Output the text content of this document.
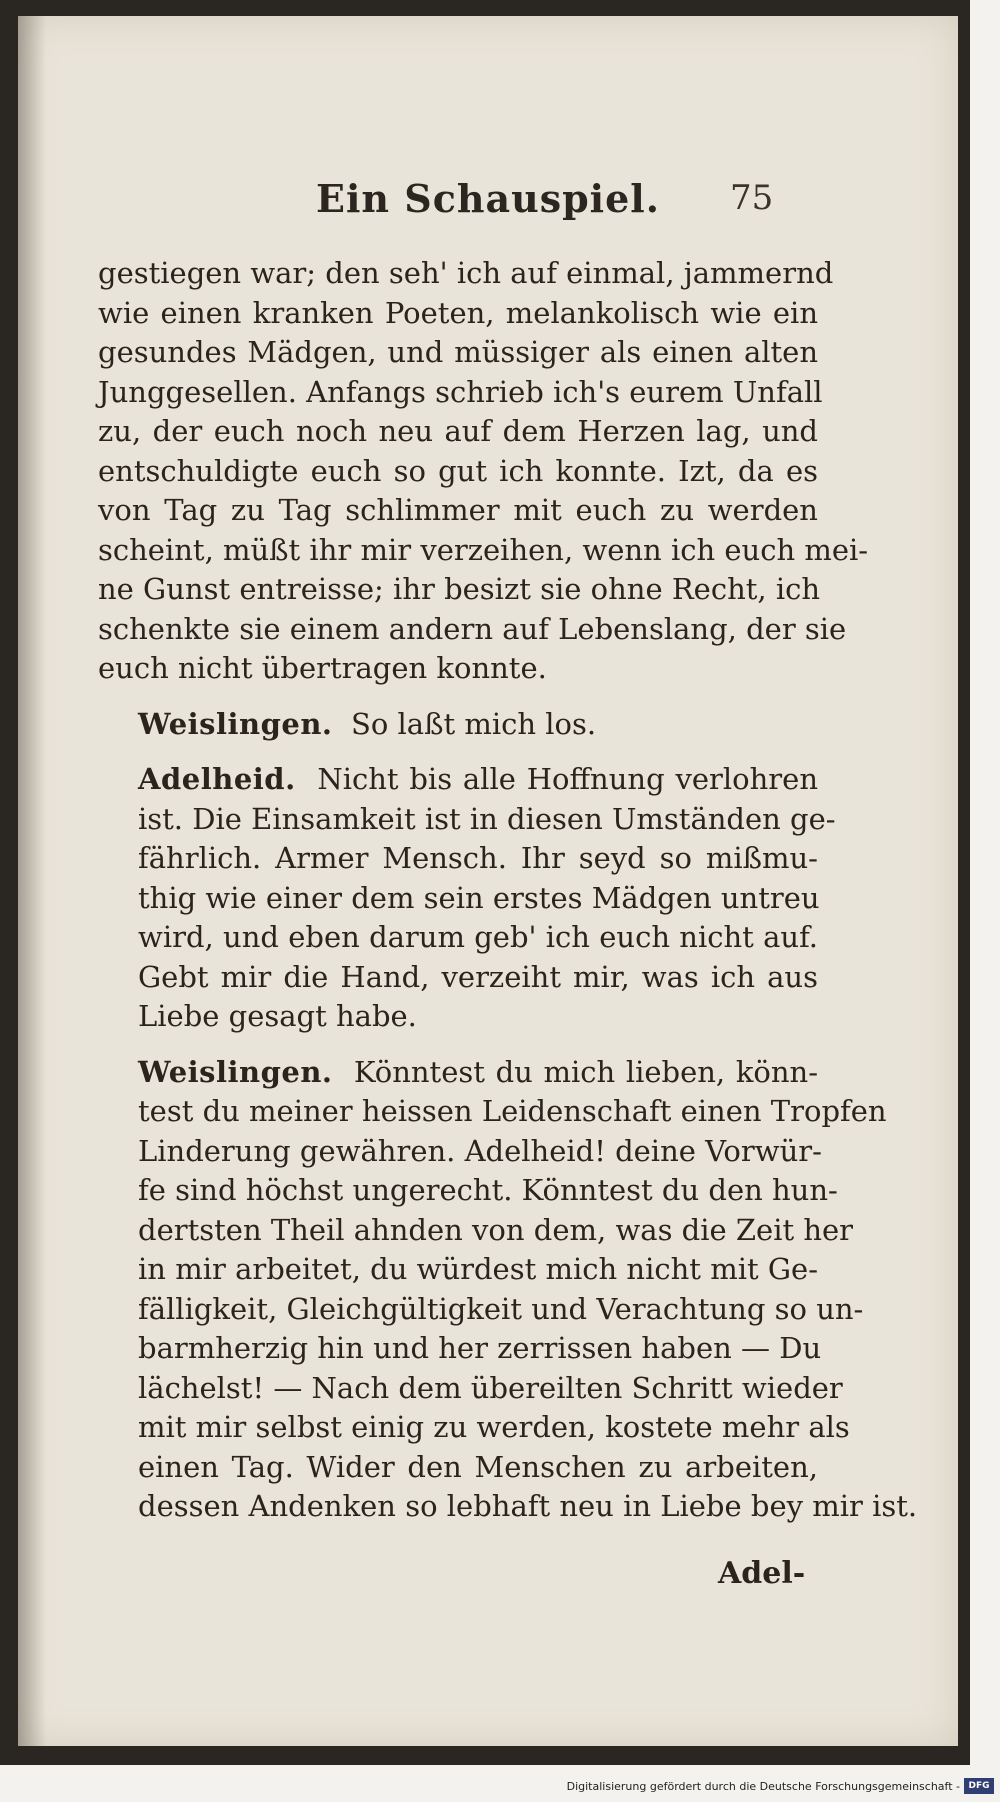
Ein Schauspiel. 75

gestiegen war; den seh' ich auf einmal, jammernd
wie einen kranken Poeten, melankolisch wie ein
gesundes Mädgen, und müssiger als einen alten
Junggesellen. Anfangs schrieb ich's eurem Unfall
zu, der euch noch neu auf dem Herzen lag, und
entschuldigte euch so gut ich konnte. Izt, da es
von Tag zu Tag schlimmer mit euch zu werden
scheint, müßt ihr mir verzeihen, wenn ich euch mei-
ne Gunst entreisse; ihr besizt sie ohne Recht, ich
schenkte sie einem andern auf Lebenslang, der sie
euch nicht übertragen konnte.

Weislingen. So laßt mich los.

Adelheid. Nicht bis alle Hoffnung verlohren
ist. Die Einsamkeit ist in diesen Umständen ge-
fährlich. Armer Mensch. Ihr seyd so mißmu-
thig wie einer dem sein erstes Mädgen untreu
wird, und eben darum geb' ich euch nicht auf.
Gebt mir die Hand, verzeiht mir, was ich aus
Liebe gesagt habe.

Weislingen. Könntest du mich lieben, könn-
test du meiner heissen Leidenschaft einen Tropfen
Linderung gewähren. Adelheid! deine Vorwür-
fe sind höchst ungerecht. Könntest du den hun-
dertsten Theil ahnden von dem, was die Zeit her
in mir arbeitet, du würdest mich nicht mit Ge-
fälligkeit, Gleichgültigkeit und Verachtung so un-
barmherzig hin und her zerrissen haben — Du
lächelst! — Nach dem übereilten Schritt wieder
mit mir selbst einig zu werden, kostete mehr als
einen Tag. Wider den Menschen zu arbeiten,
dessen Andenken so lebhaft neu in Liebe bey mir ist.

Adel-
Digitalisierung gefördert durch die Deutsche Forschungsgemeinschaft - DFG
